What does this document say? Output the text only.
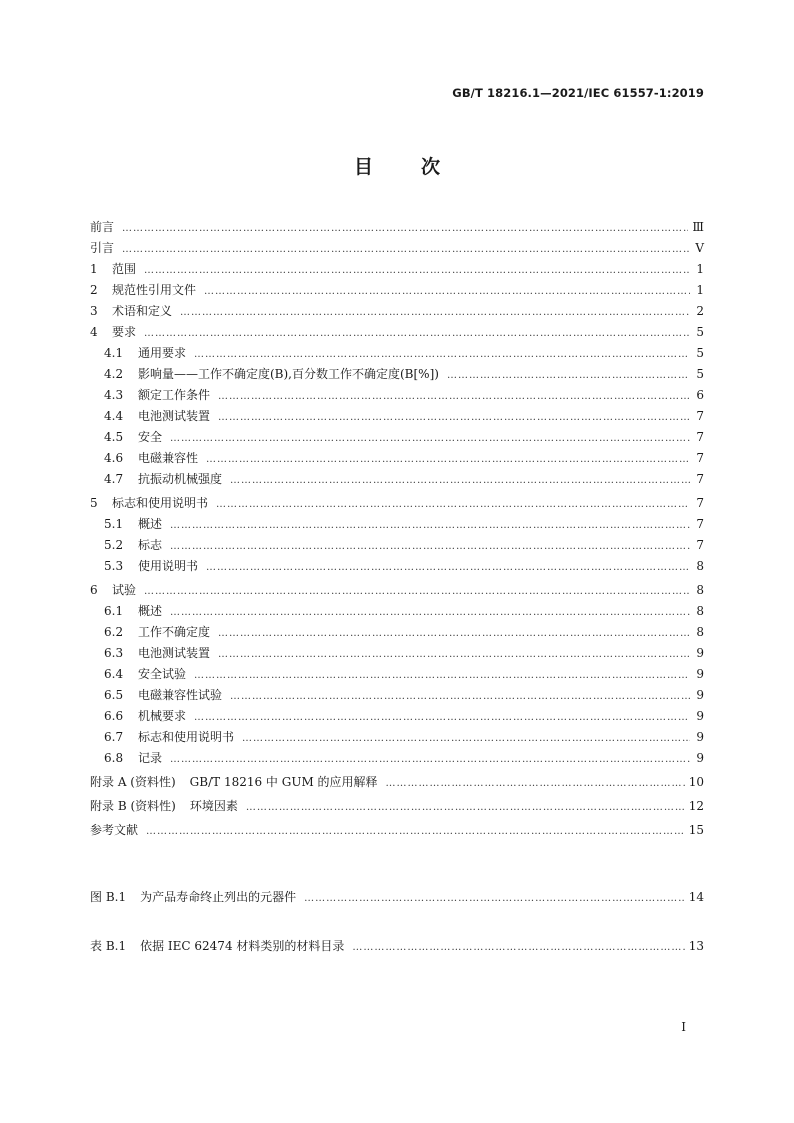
GB/T 18216.1—2021/IEC 61557-1:2019
目	次
前言 ……………………………………………………………………………………………………………………………………………………………………	Ⅲ
引言 ……………………………………………………………………………………………………………………………………………………………………	Ⅴ
1 范围 ……………………………………………………………………………………………………………………………………………………………………	1
2 规范性引用文件 ……………………………………………………………………………………………………………………………………………………………………	1
3 术语和定义 ……………………………………………………………………………………………………………………………………………………………………	2
4 要求 ……………………………………………………………………………………………………………………………………………………………………	5
4.1 通用要求 ……………………………………………………………………………………………………………………………………………………………………	5
4.2 影响量——工作不确定度(B),百分数工作不确定度(B[%]) ……………………………………………………………………………………………………………………………………………………………………	5
4.3 额定工作条件 ……………………………………………………………………………………………………………………………………………………………………	6
4.4 电池测试装置 ……………………………………………………………………………………………………………………………………………………………………	7
4.5 安全 ……………………………………………………………………………………………………………………………………………………………………	7
4.6 电磁兼容性 ……………………………………………………………………………………………………………………………………………………………………	7
4.7 抗振动机械强度 ……………………………………………………………………………………………………………………………………………………………………	7
5 标志和使用说明书 ……………………………………………………………………………………………………………………………………………………………………	7
5.1 概述 ……………………………………………………………………………………………………………………………………………………………………	7
5.2 标志 ……………………………………………………………………………………………………………………………………………………………………	7
5.3 使用说明书 ……………………………………………………………………………………………………………………………………………………………………	8
6 试验 ……………………………………………………………………………………………………………………………………………………………………	8
6.1 概述 ……………………………………………………………………………………………………………………………………………………………………	8
6.2 工作不确定度 ……………………………………………………………………………………………………………………………………………………………………	8
6.3 电池测试装置 ……………………………………………………………………………………………………………………………………………………………………	9
6.4 安全试验 ……………………………………………………………………………………………………………………………………………………………………	9
6.5 电磁兼容性试验 ……………………………………………………………………………………………………………………………………………………………………	9
6.6 机械要求 ……………………………………………………………………………………………………………………………………………………………………	9
6.7 标志和使用说明书 ……………………………………………………………………………………………………………………………………………………………………	9
6.8 记录 ……………………………………………………………………………………………………………………………………………………………………	9
附录 A (资料性) GB/T 18216 中 GUM 的应用解释 ……………………………………………………………………………………………………………………………………………………………………	10
附录 B (资料性) 环境因素 ……………………………………………………………………………………………………………………………………………………………………	12
参考文献 ……………………………………………………………………………………………………………………………………………………………………	15
图 B.1 为产品寿命终止列出的元器件 ……………………………………………………………………………………………………………………………………………………………………	14
表 B.1 依据 IEC 62474 材料类别的材料目录 ……………………………………………………………………………………………………………………………………………………………………	13
I
